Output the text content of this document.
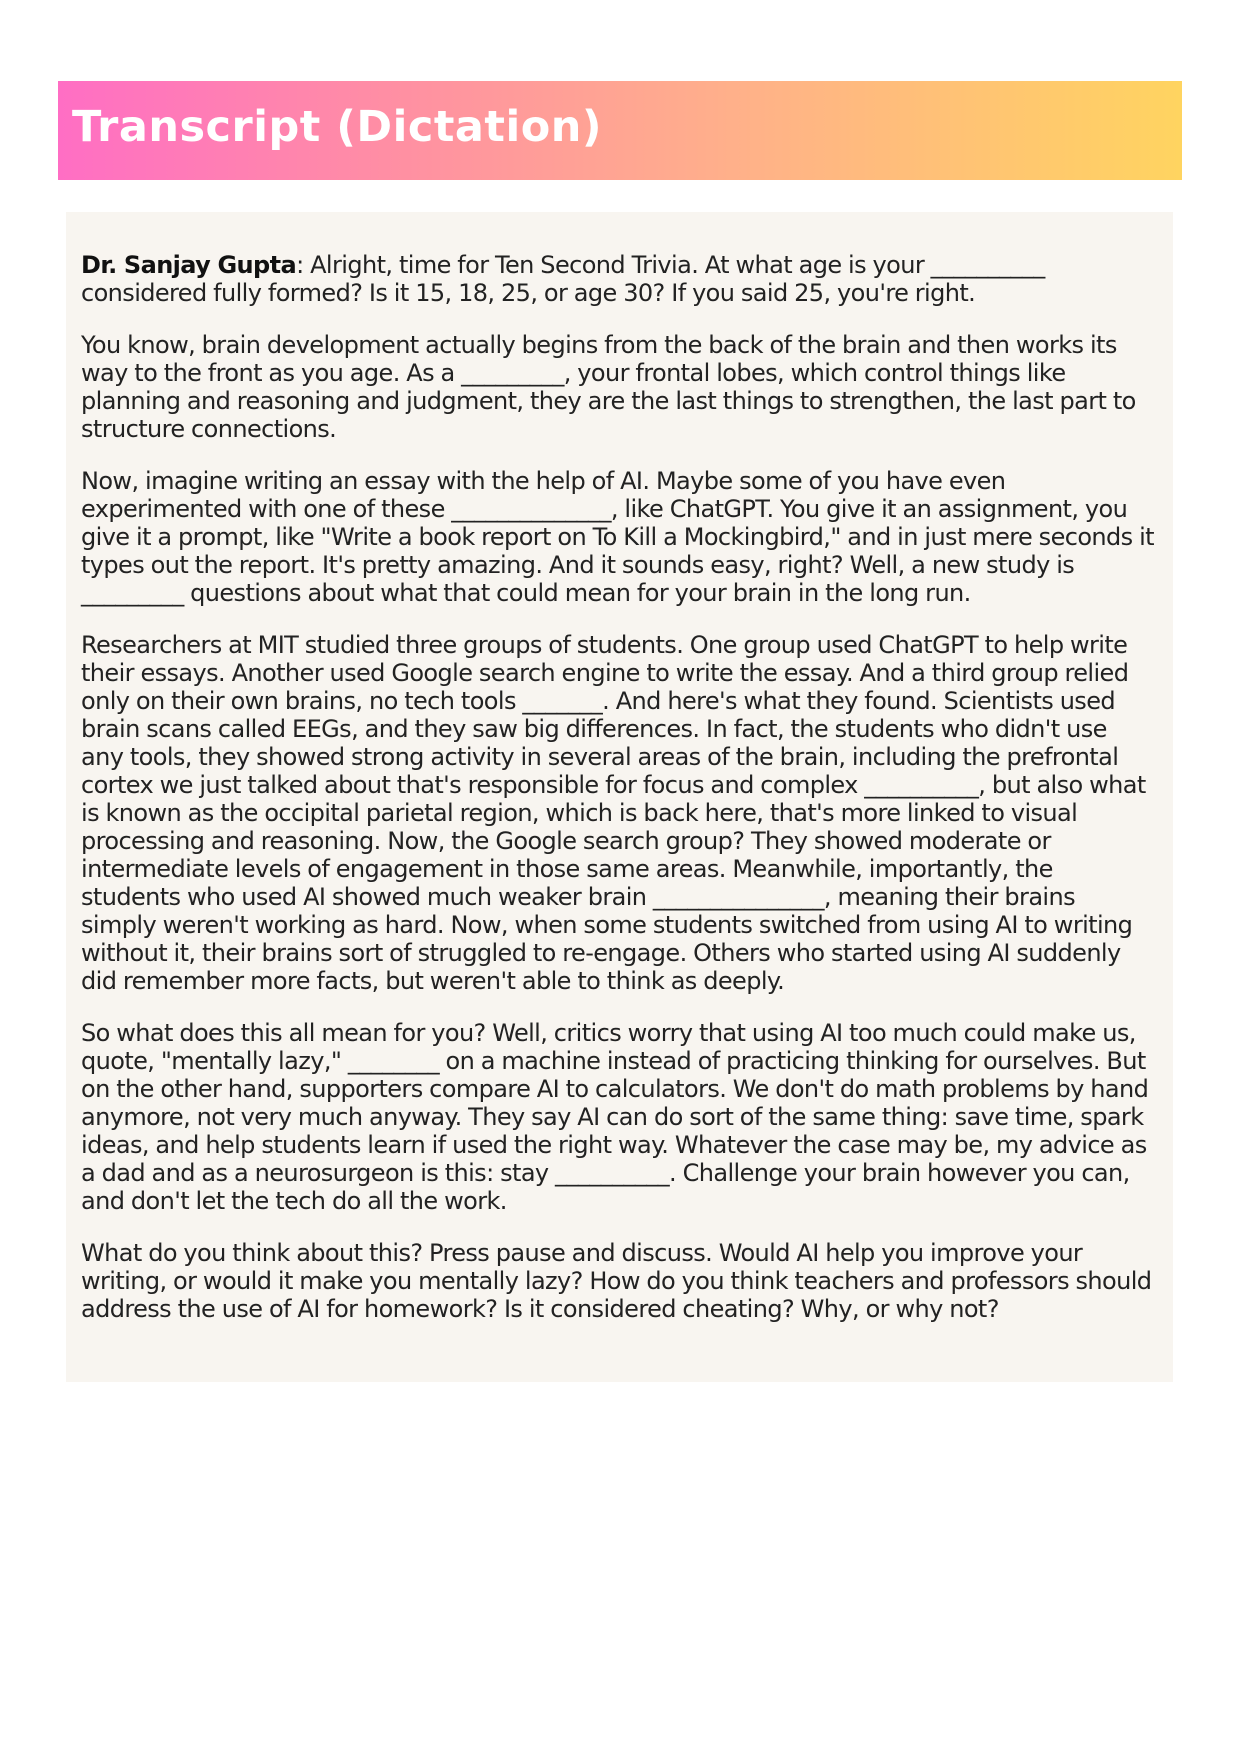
Transcript (Dictation)

Dr. Sanjay Gupta: Alright, time for Ten Second Trivia. At what age is your __________ considered fully formed? Is it 15, 18, 25, or age 30? If you said 25, you're right.

You know, brain development actually begins from the back of the brain and then works its way to the front as you age. As a _________, your frontal lobes, which control things like planning and reasoning and judgment, they are the last things to strengthen, the last part to structure connections.

Now, imagine writing an essay with the help of AI. Maybe some of you have even experimented with one of these ______________, like ChatGPT. You give it an assignment, you give it a prompt, like "Write a book report on To Kill a Mockingbird," and in just mere seconds it types out the report. It's pretty amazing. And it sounds easy, right? Well, a new study is _________ questions about what that could mean for your brain in the long run.

Researchers at MIT studied three groups of students. One group used ChatGPT to help write their essays. Another used Google search engine to write the essay. And a third group relied only on their own brains, no tech tools _______. And here's what they found. Scientists used brain scans called EEGs, and they saw big differences. In fact, the students who didn't use any tools, they showed strong activity in several areas of the brain, including the prefrontal cortex we just talked about that's responsible for focus and complex __________, but also what is known as the occipital parietal region, which is back here, that's more linked to visual processing and reasoning. Now, the Google search group? They showed moderate or intermediate levels of engagement in those same areas. Meanwhile, importantly, the students who used AI showed much weaker brain _______________, meaning their brains simply weren't working as hard. Now, when some students switched from using AI to writing without it, their brains sort of struggled to re-engage. Others who started using AI suddenly did remember more facts, but weren't able to think as deeply.

So what does this all mean for you? Well, critics worry that using AI too much could make us, quote, "mentally lazy," ________ on a machine instead of practicing thinking for ourselves. But on the other hand, supporters compare AI to calculators. We don't do math problems by hand anymore, not very much anyway. They say AI can do sort of the same thing: save time, spark ideas, and help students learn if used the right way. Whatever the case may be, my advice as a dad and as a neurosurgeon is this: stay __________. Challenge your brain however you can, and don't let the tech do all the work.

What do you think about this? Press pause and discuss. Would AI help you improve your writing, or would it make you mentally lazy? How do you think teachers and professors should address the use of AI for homework? Is it considered cheating? Why, or why not?
